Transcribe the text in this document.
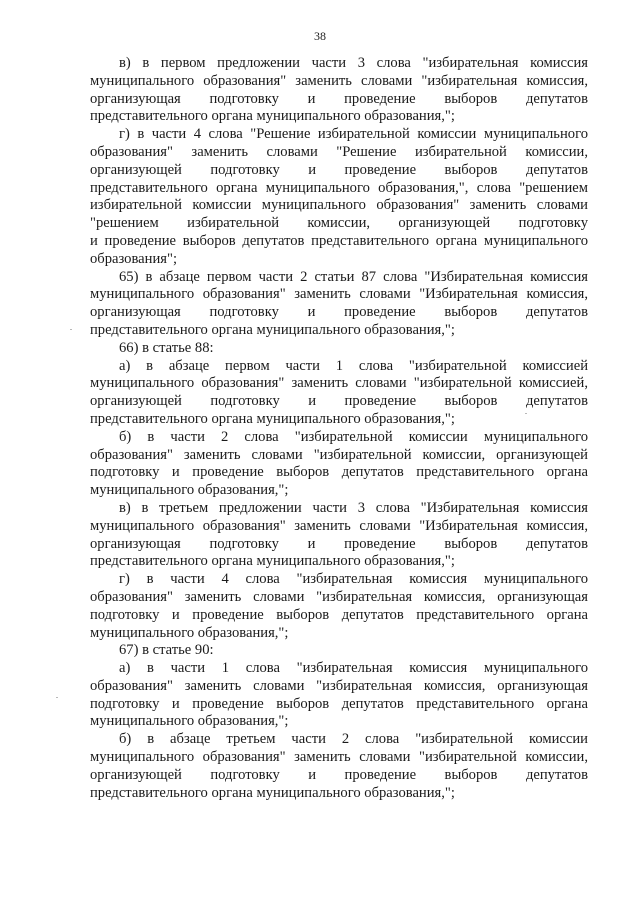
38
в) в первом предложении части 3 слова "избирательная комиссия
муниципального образования" заменить словами "избирательная комиссия,
организующая подготовку и проведение выборов депутатов
представительного органа муниципального образования,";
г) в части 4 слова "Решение избирательной комиссии муниципального
образования" заменить словами "Решение избирательной комиссии,
организующей подготовку и проведение выборов депутатов
представительного органа муниципального образования,", слова "решением
избирательной комиссии муниципального образования" заменить словами
"решением избирательной комиссии, организующей подготовку
и проведение выборов депутатов представительного органа муниципального
образования";
65) в абзаце первом части 2 статьи 87 слова "Избирательная комиссия
муниципального образования" заменить словами "Избирательная комиссия,
организующая подготовку и проведение выборов депутатов
представительного органа муниципального образования,";
66) в статье 88:
а) в абзаце первом части 1 слова "избирательной комиссией
муниципального образования" заменить словами "избирательной комиссией,
организующей подготовку и проведение выборов депутатов
представительного органа муниципального образования,";
б) в части 2 слова "избирательной комиссии муниципального
образования" заменить словами "избирательной комиссии, организующей
подготовку и проведение выборов депутатов представительного органа
муниципального образования,";
в) в третьем предложении части 3 слова "Избирательная комиссия
муниципального образования" заменить словами "Избирательная комиссия,
организующая подготовку и проведение выборов депутатов
представительного органа муниципального образования,";
г) в части 4 слова "избирательная комиссия муниципального
образования" заменить словами "избирательная комиссия, организующая
подготовку и проведение выборов депутатов представительного органа
муниципального образования,";
67) в статье 90:
а) в части 1 слова "избирательная комиссия муниципального
образования" заменить словами "избирательная комиссия, организующая
подготовку и проведение выборов депутатов представительного органа
муниципального образования,";
б) в абзаце третьем части 2 слова "избирательной комиссии
муниципального образования" заменить словами "избирательной комиссии,
организующей подготовку и проведение выборов депутатов
представительного органа муниципального образования,";
